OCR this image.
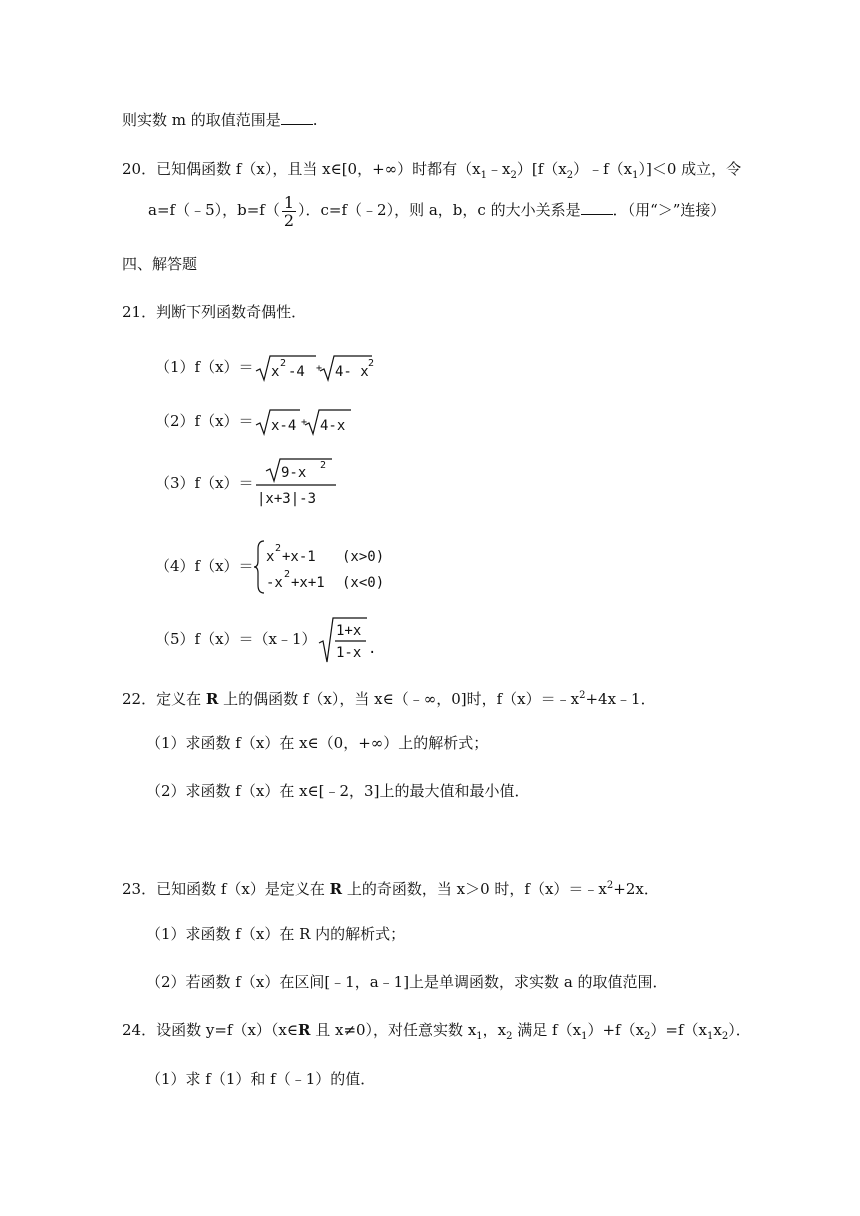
则实数 m 的取值范围是 .
20．已知偶函数 f（x），且当 x∈[0，+∞）时都有$(x_1﹣x_2)[f(x_2)﹣f(x_1)]<0$ 成立，令
a=f（﹣5），$b=f( \frac{1}{2}$ ）．c=f（﹣2），则 a，b，c 的大小关系是 ．（用“＞”连接）
四、解答题
21．判断下列函数奇偶性．
（1）f（x）＝ x
2
-4 + 4- x
2
（2）f（x）＝ x-4 + 4-x
（3）f（x）＝
9-x 2
|x+3|-3
（4）f（x）＝ x
2
+x-1 (x>0)
-x
2
+x+1 (x<0)
（5）f（x）＝（x﹣1） 1+x
1-x .
22．定义在 R 上的偶函数 f（x），当 x∈（﹣∞，0]时，$f(x)=﹣x^2+4x﹣1$．
（1）求函数 f（x）在 x∈（0，+∞）上的解析式；
（2）求函数 f（x）在 x∈[﹣2，3]上的最大值和最小值．
23．已知函数 f（x）是定义在 R 上的奇函数，当 x＞0 时，$f(x)=﹣x^2+2x$．
（1）求函数 f（x）在 R 内的解析式；
（2）若函数 f（x）在区间[﹣1，a﹣1]上是单调函数，求实数 a 的取值范围．
24．设函数 y=f（x）（x∈R 且 x≠0），对任意实数 $x_1$，$x_2$ 满足 $f(x_1)+f(x_2)=f(x_1x_2)$．
（1）求 f（1）和 f（﹣1）的值．
